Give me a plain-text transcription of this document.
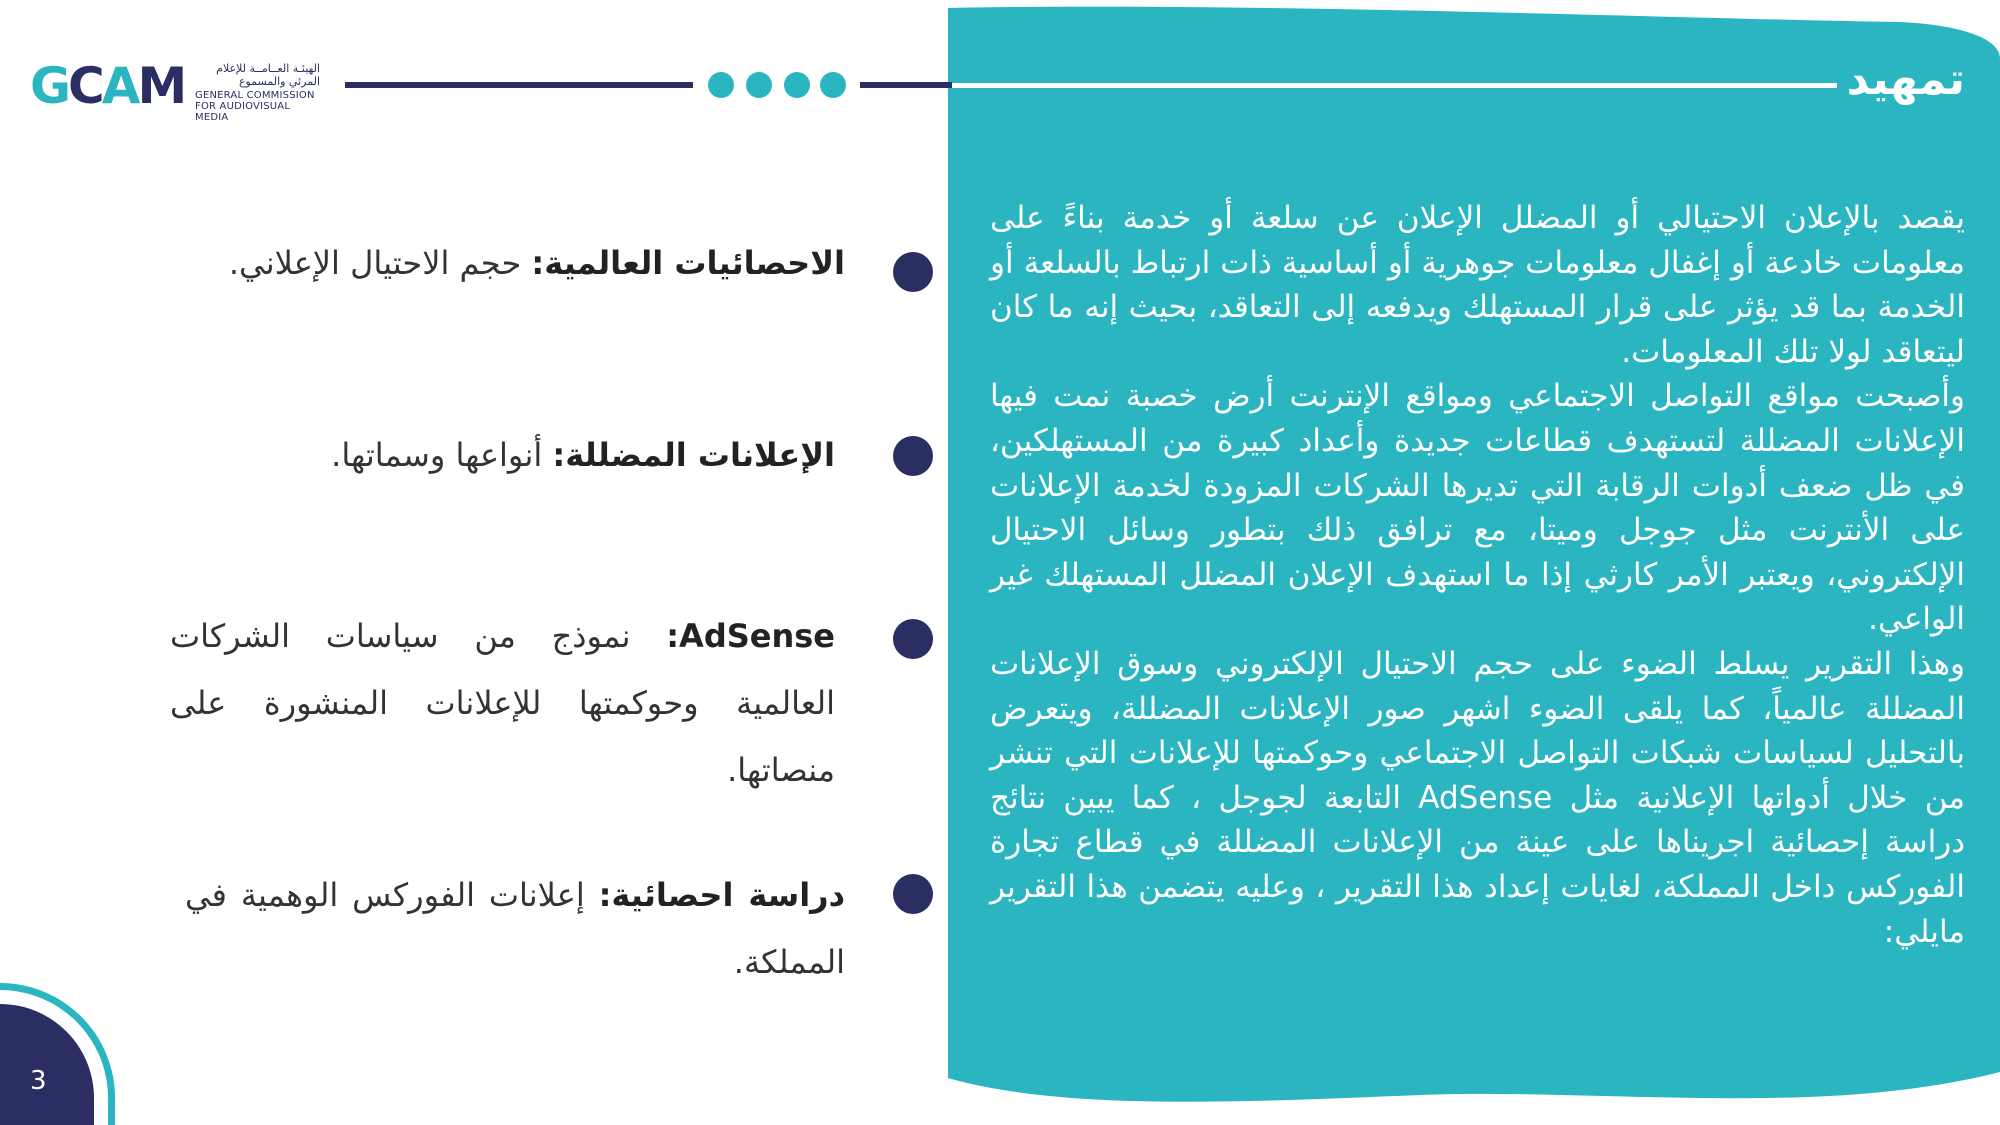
3
GCAM	الهيئـة العــامــة للإعلام المرئي والمسموع
GENERAL COMMISSION FOR AUDIOVISUAL MEDIA
تمهيد

يقصد بالإعلان الاحتيالي أو المضلل الإعلان عن سلعة أو خدمة بناءً على معلومات خادعة أو إغفال معلومات جوهرية أو أساسية ذات ارتباط بالسلعة أو الخدمة بما قد يؤثر على قرار المستهلك ويدفعه إلى التعاقد، بحيث إنه ما كان ليتعاقد لولا تلك المعلومات.

وأصبحت مواقع التواصل الاجتماعي ومواقع الإنترنت أرض خصبة نمت فيها الإعلانات المضللة لتستهدف قطاعات جديدة وأعداد كبيرة من المستهلكين، في ظل ضعف أدوات الرقابة التي تديرها الشركات المزودة لخدمة الإعلانات على الأنترنت مثل جوجل وميتا، مع ترافق ذلك بتطور وسائل الاحتيال الإلكتروني، ويعتبر الأمر كارثي إذا ما استهدف الإعلان المضلل المستهلك غير الواعي.

وهذا التقرير يسلط الضوء على حجم الاحتيال الإلكتروني وسوق الإعلانات المضللة عالمياً، كما يلقى الضوء اشهر صور الإعلانات المضللة، ويتعرض بالتحليل لسياسات شبكات التواصل الاجتماعي وحوكمتها للإعلانات التي تنشر من خلال أدواتها الإعلانية مثل AdSense التابعة لجوجل ، كما يبين نتائج دراسة إحصائية اجريناها على عينة من الإعلانات المضللة في قطاع تجارة الفوركس داخل المملكة، لغايات إعداد هذا التقرير ، وعليه يتضمن هذا التقرير مايلي:

الاحصائيات العالمية: حجم الاحتيال الإعلاني.

الإعلانات المضللة: أنواعها وسماتها.

AdSense: نموذج من سياسات الشركات العالمية وحوكمتها للإعلانات المنشورة على منصاتها.

دراسة احصائية: إعلانات الفوركس الوهمية في المملكة.
